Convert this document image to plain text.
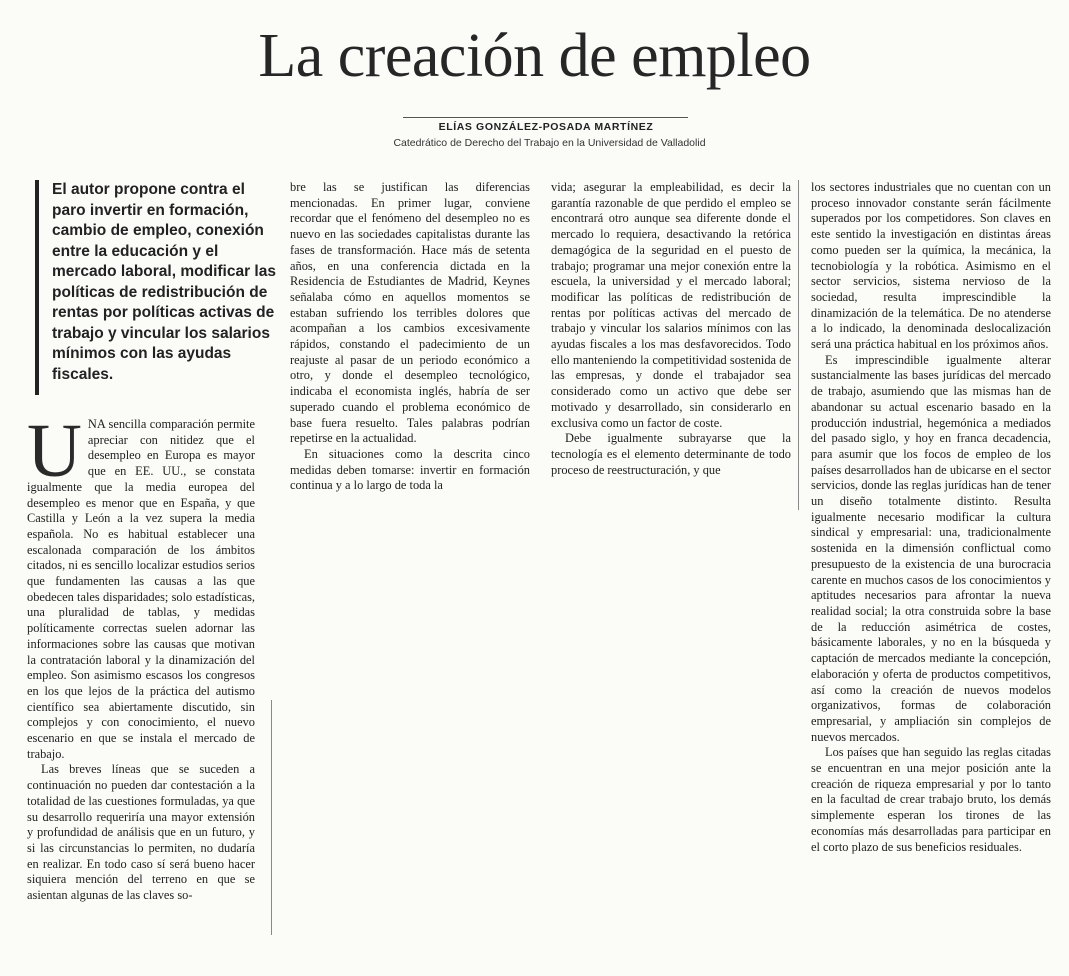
La creación de empleo
ELÍAS GONZÁLEZ-POSADA MARTÍNEZ
Catedrático de Derecho del Trabajo en la Universidad de Valladolid
El autor propone contra el paro invertir en formación, cambio de empleo, conexión entre la educación y el mercado laboral, modificar las políticas de redistribución de rentas por políticas activas de trabajo y vincular los salarios mínimos con las ayudas fiscales.

UNA sencilla comparación permite apreciar con nitidez que el desempleo en Europa es mayor que en EE. UU., se constata igualmente que la media europea del desempleo es menor que en España, y que Castilla y León a la vez supera la media española. No es habitual establecer una escalonada comparación de los ámbitos citados, ni es sencillo localizar estudios serios que fundamenten las causas a las que obedecen tales disparidades; solo estadísticas, una pluralidad de tablas, y medidas políticamente correctas suelen adornar las informaciones sobre las causas que motivan la contratación laboral y la dinamización del empleo. Son asimismo escasos los congresos en los que lejos de la práctica del autismo científico sea abiertamente discutido, sin complejos y con conocimiento, el nuevo escenario en que se instala el mercado de trabajo.

Las breves líneas que se suceden a continuación no pueden dar contestación a la totalidad de las cuestiones formuladas, ya que su desarrollo requeriría una mayor extensión y profundidad de análisis que en un futuro, y si las circunstancias lo permiten, no dudaría en realizar. En todo caso sí será bueno hacer siquiera mención del terreno en que se asientan algunas de las claves so-

bre las se justifican las diferencias mencionadas. En primer lugar, conviene recordar que el fenómeno del desempleo no es nuevo en las sociedades capitalistas durante las fases de transformación. Hace más de setenta años, en una conferencia dictada en la Residencia de Estudiantes de Madrid, Keynes señalaba cómo en aquellos momentos se estaban sufriendo los terribles dolores que acompañan a los cambios excesivamente rápidos, constando el padecimiento de un reajuste al pasar de un periodo económico a otro, y donde el desempleo tecnológico, indicaba el economista inglés, habría de ser superado cuando el problema económico de base fuera resuelto. Tales palabras podrían repetirse en la actualidad.

En situaciones como la descrita cinco medidas deben tomarse: invertir en formación continua y a lo largo de toda la

vida; asegurar la empleabilidad, es decir la garantía razonable de que perdido el empleo se encontrará otro aunque sea diferente donde el mercado lo requiera, desactivando la retórica demagógica de la seguridad en el puesto de trabajo; programar una mejor conexión entre la escuela, la universidad y el mercado laboral; modificar las políticas de redistribución de rentas por políticas activas del mercado de trabajo y vincular los salarios mínimos con las ayudas fiscales a los mas desfavorecidos. Todo ello manteniendo la competitividad sostenida de las empresas, y donde el trabajador sea considerado como un activo que debe ser motivado y desarrollado, sin considerarlo en exclusiva como un factor de coste.

Debe igualmente subrayarse que la tecnología es el elemento determinante de todo proceso de reestructuración, y que

los sectores industriales que no cuentan con un proceso innovador constante serán fácilmente superados por los competidores. Son claves en este sentido la investigación en distintas áreas como pueden ser la química, la mecánica, la tecnobiología y la robótica. Asimismo en el sector servicios, sistema nervioso de la sociedad, resulta imprescindible la dinamización de la telemática. De no atenderse a lo indicado, la denominada deslocalización será una práctica habitual en los próximos años.

Es imprescindible igualmente alterar sustancialmente las bases jurídicas del mercado de trabajo, asumiendo que las mismas han de abandonar su actual escenario basado en la producción industrial, hegemónica a mediados del pasado siglo, y hoy en franca decadencia, para asumir que los focos de empleo de los países desarrollados han de ubicarse en el sector servicios, donde las reglas jurídicas han de tener un diseño totalmente distinto. Resulta igualmente necesario modificar la cultura sindical y empresarial: una, tradicionalmente sostenida en la dimensión conflictual como presupuesto de la existencia de una burocracia carente en muchos casos de los conocimientos y aptitudes necesarios para afrontar la nueva realidad social; la otra construida sobre la base de la reducción asimétrica de costes, básicamente laborales, y no en la búsqueda y captación de mercados mediante la concepción, elaboración y oferta de productos competitivos, así como la creación de nuevos modelos organizativos, formas de colaboración empresarial, y ampliación sin complejos de nuevos mercados.

Los países que han seguido las reglas citadas se encuentran en una mejor posición ante la creación de riqueza empresarial y por lo tanto en la facultad de crear trabajo bruto, los demás simplemente esperan los tirones de las economías más desarrolladas para participar en el corto plazo de sus beneficios residuales.
